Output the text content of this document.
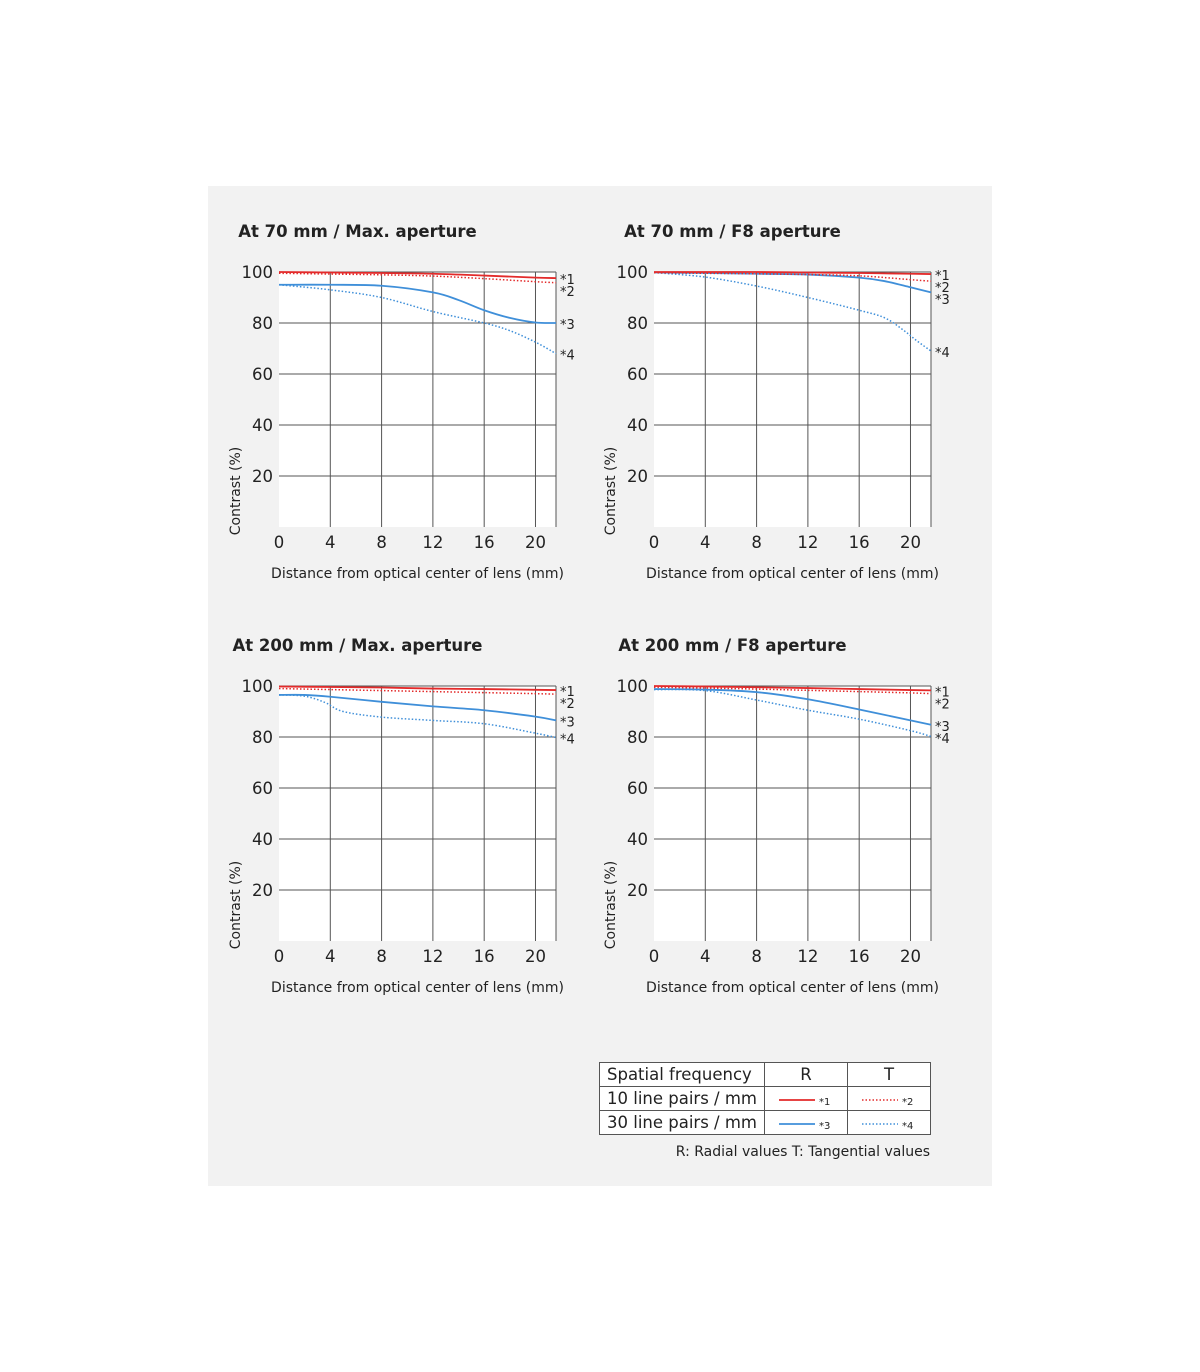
At 70 mm / Max. aperture
20
40
60
80
100
0 4 8 12 16 20
Distance from optical center of lens (mm)
Contrast (%)
*1
*2
*3
*4
At 70 mm / F8 aperture
20
40
60
80
100
0 4 8 12 16 20
Distance from optical center of lens (mm)
Contrast (%)
*1
*2
*3
*4
At 200 mm / Max. aperture
20
40
60
80
100
0 4 8 12 16 20
Distance from optical center of lens (mm)
Contrast (%)
*1
*2
*3
*4
At 200 mm / F8 aperture
20
40
60
80
100
0 4 8 12 16 20
Distance from optical center of lens (mm)
Contrast (%)
*1
*2
*3
*4
Spatial frequency	R	T
10 line pairs / mm	*1	*2

30 line pairs / mm	*3	*4
R: Radial values T: Tangential values
